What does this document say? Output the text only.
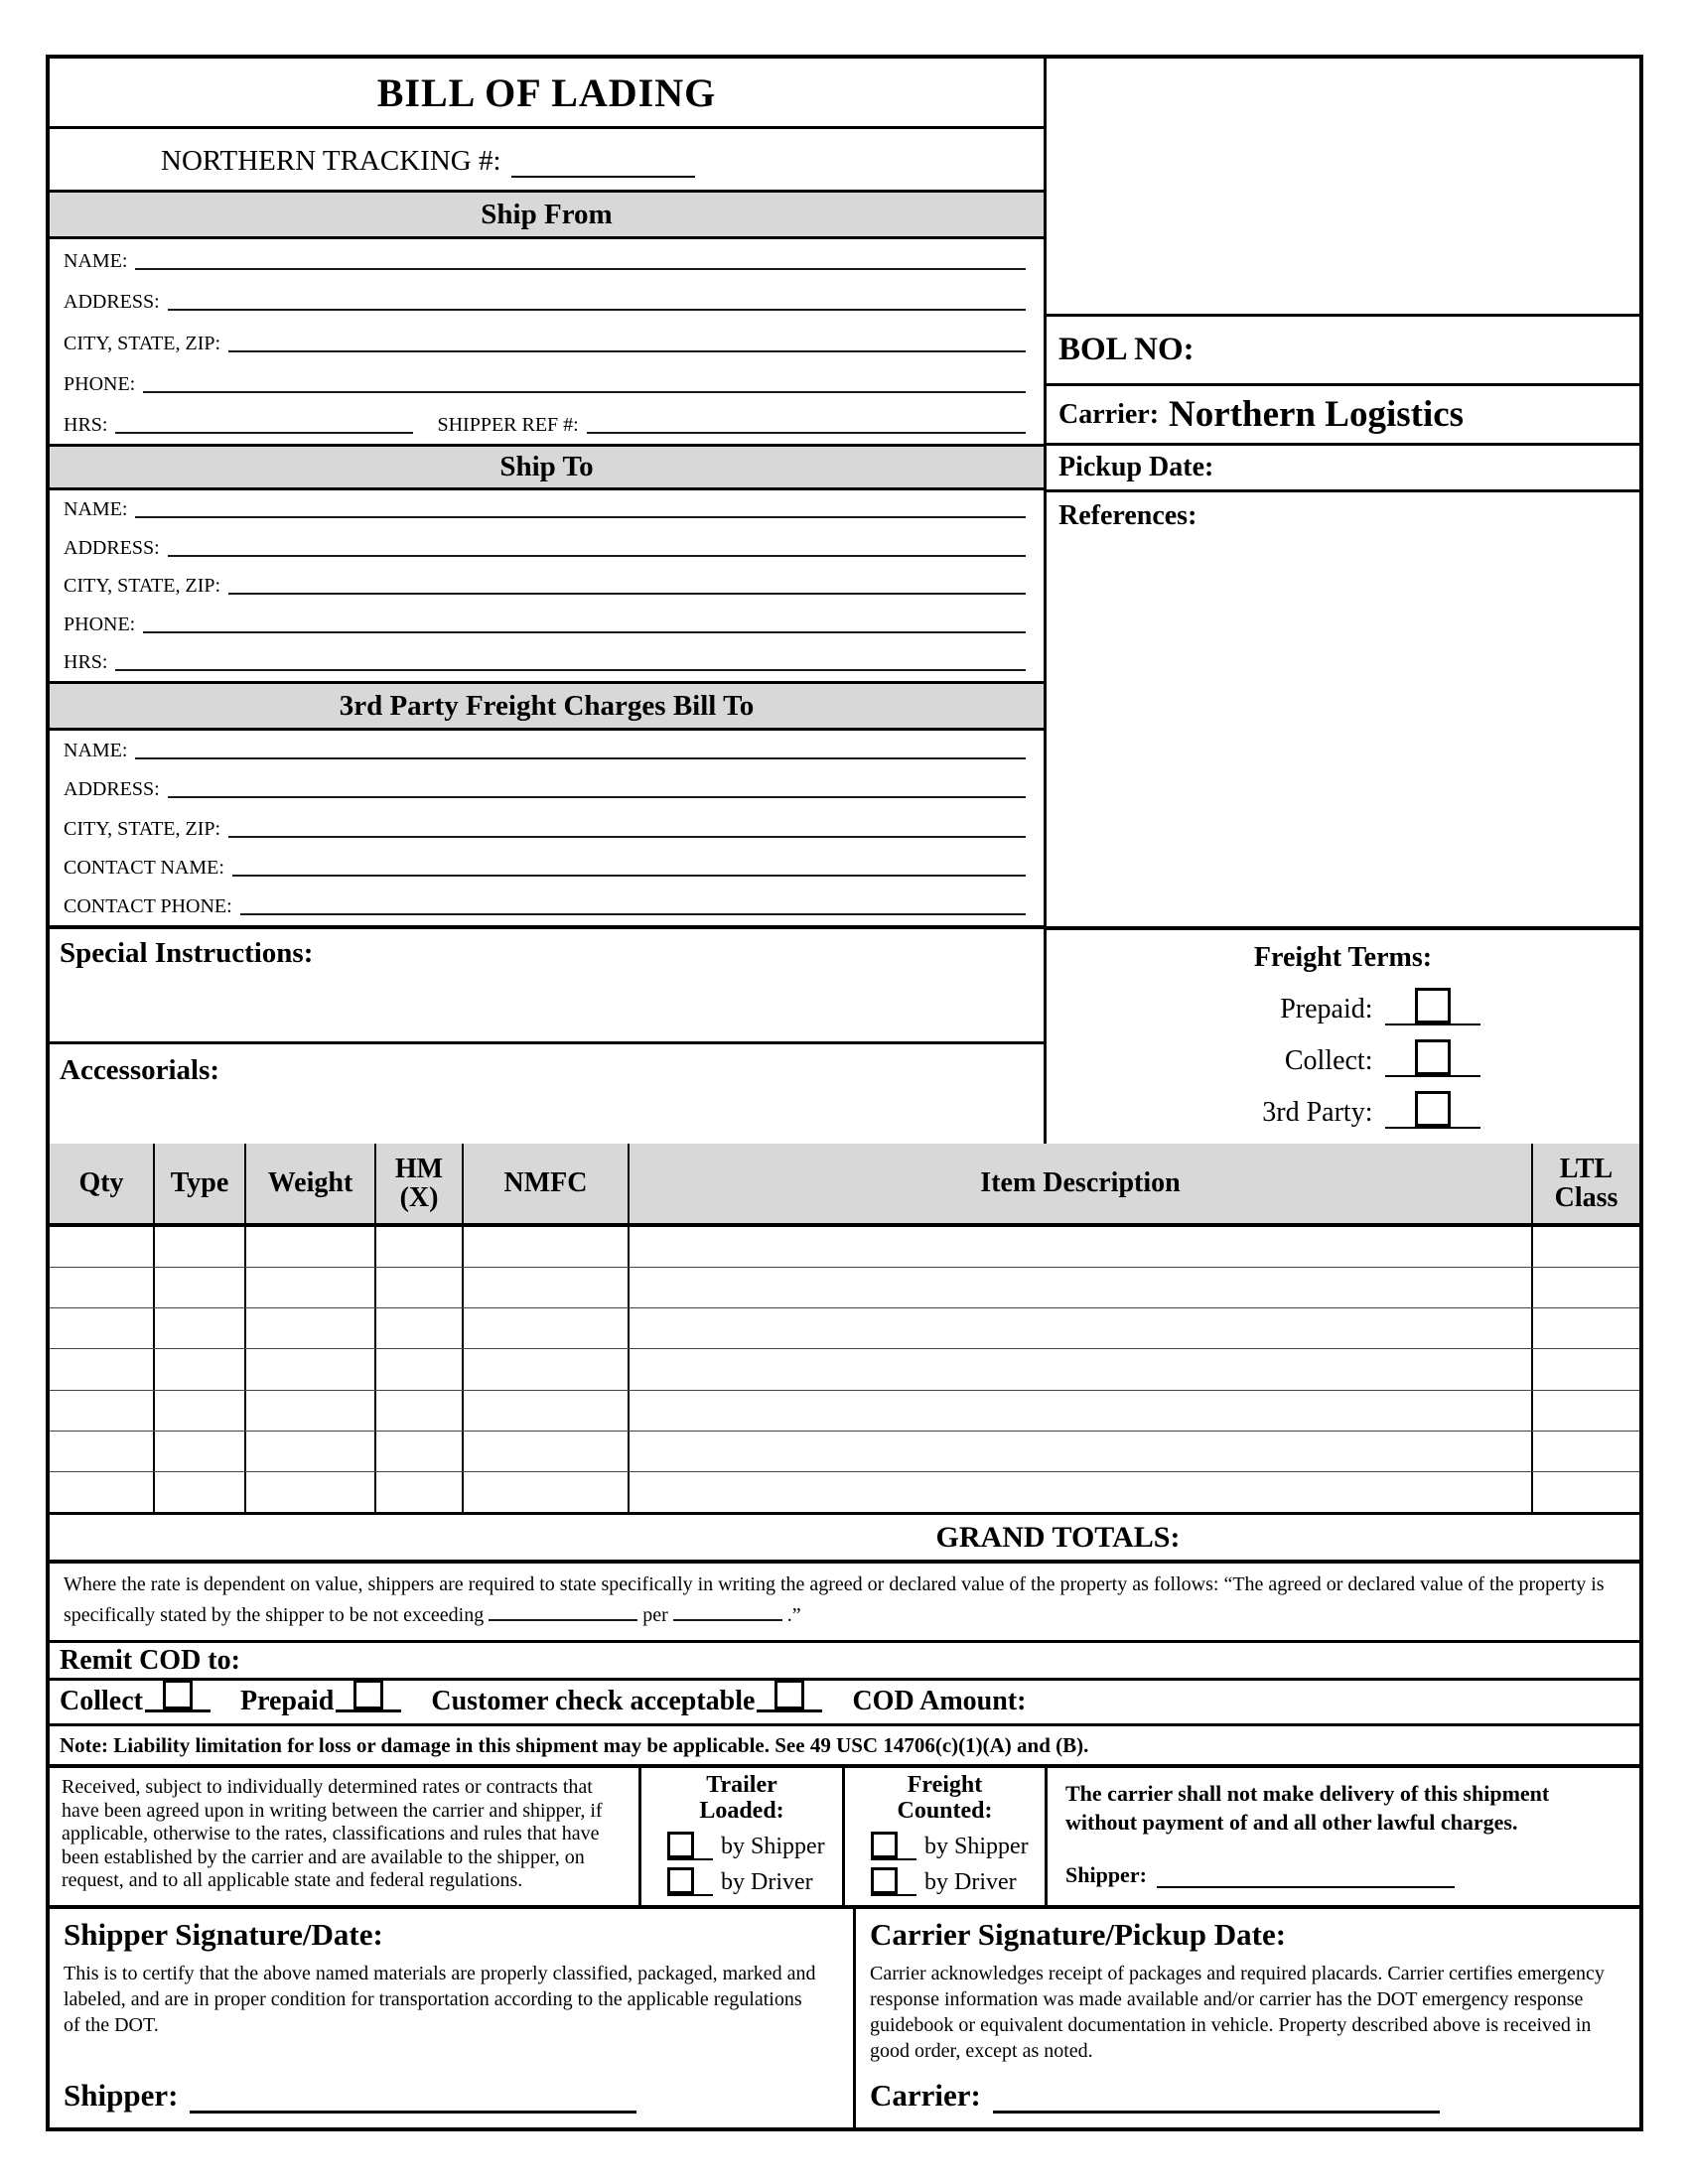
BILL OF LADING
NORTHERN TRACKING #:
Ship From
NAME:
ADDRESS:
CITY, STATE, ZIP:
PHONE:
HRS:	SHIPPER REF #:
Ship To
NAME:
ADDRESS:
CITY, STATE, ZIP:
PHONE:
HRS:
3rd Party Freight Charges Bill To
NAME:
ADDRESS:
CITY, STATE, ZIP:
CONTACT NAME:
CONTACT PHONE:
Special Instructions:
Accessorials:
BOL NO:
Carrier: Northern Logistics
Pickup Date:
References:
Freight Terms:
Prepaid:
Collect:
3rd Party:
Qty	Type	Weight	HM (X)	NMFC	Item Description	LTL Class
GRAND TOTALS:
Where the rate is dependent on value, shippers are required to state specifically in writing the agreed or declared value of the property as follows: “The agreed or declared value of the property is specifically stated by the shipper to be not exceeding	per	.”
Remit COD to:
Collect	Prepaid	Customer check acceptable	COD Amount:
Note: Liability limitation for loss or damage in this shipment may be applicable. See 49 USC 14706(c)(1)(A) and (B).
Received, subject to individually determined rates or contracts that have been agreed upon in writing between the carrier and shipper, if applicable, otherwise to the rates, classifications and rules that have been established by the carrier and are available to the shipper, on request, and to all applicable state and federal regulations.
Trailer Loaded:
by Shipper
by Driver
Freight Counted:
by Shipper
by Driver
The carrier shall not make delivery of this shipment without payment of and all other lawful charges.
Shipper:
Shipper Signature/Date:
This is to certify that the above named materials are properly classified, packaged, marked and labeled, and are in proper condition for transportation according to the applicable regulations of the DOT.
Shipper:
Carrier Signature/Pickup Date:
Carrier acknowledges receipt of packages and required placards. Carrier certifies emergency response information was made available and/or carrier has the DOT emergency response guidebook or equivalent documentation in vehicle. Property described above is received in good order, except as noted.
Carrier:
